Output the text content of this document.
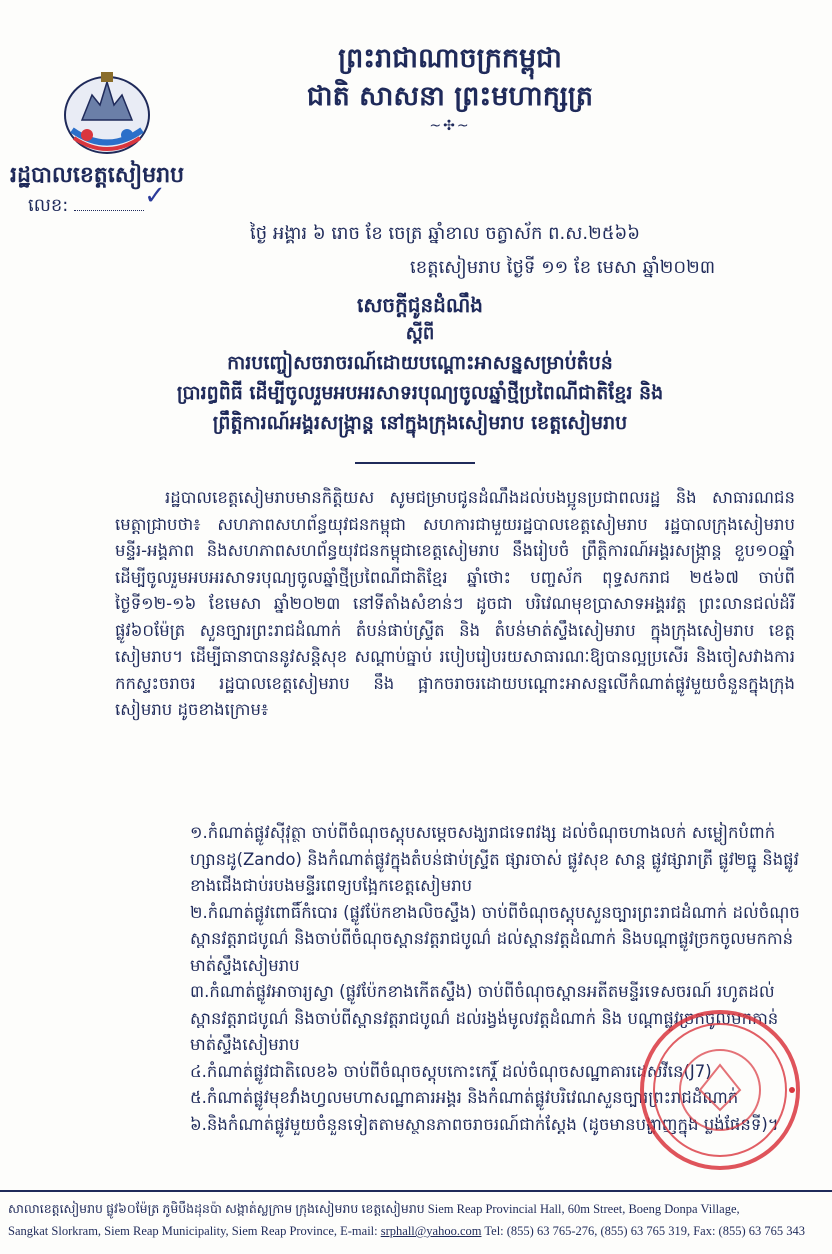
ព្រះរាជាណាចក្រកម្ពុជា
ជាតិ សាសនា ព្រះមហាក្សត្រ
~✣~
រដ្ឋបាលខេត្តសៀមរាប
លេខ:	✓
ថ្ងៃ អង្គារ ៦ រោច ខែ ចេត្រ ឆ្នាំខាល ចត្វាស័ក ព.ស.២៥៦៦
ខេត្តសៀមរាប ថ្ងៃទី ១១ ខែ មេសា ឆ្នាំ២០២៣
សេចក្តីជូនដំណឹង
ស្តីពី
ការបញ្ចៀសចរាចរណ៍ដោយបណ្តោះអាសន្នសម្រាប់តំបន់
ប្រារព្ធពិធី ដើម្បីចូលរួមអបអរសាទរបុណ្យចូលឆ្នាំថ្មីប្រពៃណីជាតិខ្មែរ និង
ព្រឹត្តិការណ៍អង្គរសង្រ្កាន្ត នៅក្នុងក្រុងសៀមរាប ខេត្តសៀមរាប

រដ្ឋបាលខេត្តសៀមរាបមានកិត្តិយស សូមជម្រាបជូនដំណឹងដល់បងប្អូនប្រជាពលរដ្ឋ និង សាធារណជន មេត្តាជ្រាបថា៖ សហភាពសហព័ន្ធយុវជនកម្ពុជា សហការជាមួយរដ្ឋបាលខេត្តសៀមរាប រដ្ឋបាលក្រុងសៀមរាប មន្ទីរ-អង្គភាព និងសហភាពសហព័ន្ធយុវជនកម្ពុជាខេត្តសៀមរាប នឹងរៀបចំ ព្រឹត្តិការណ៍អង្គរសង្ក្រាន្ត ខួប១០ឆ្នាំ ដើម្បីចូលរួមអបអរសាទរបុណ្យចូលឆ្នាំថ្មីប្រពៃណីជាតិខ្មែរ ឆ្នាំថោះ បញ្ចស័ក ពុទ្ធសករាជ ២៥៦៧ ចាប់ពីថ្ងៃទី១២-១៦ ខែមេសា ឆ្នាំ២០២៣ នៅទីតាំងសំខាន់ៗ ដូចជា បរិវេណមុខប្រាសាទអង្គរវត្ត ព្រះលានជល់ដំរី ផ្លូវ៦០ម៉ែត្រ សួនច្បារព្រះរាជដំណាក់ តំបន់ផាប់ស្ទ្រីត និង តំបន់មាត់ស្ទឹងសៀមរាប ក្នុងក្រុងសៀមរាប ខេត្តសៀមរាប។ ដើម្បីធានាបាននូវសន្តិសុខ សណ្តាប់ធ្នាប់ របៀបរៀបរយសាធារណៈឱ្យបានល្អប្រសើរ និងចៀសវាងការកកស្ទះចរាចរ រដ្ឋបាលខេត្តសៀមរាប នឹង ផ្អាកចរាចរដោយបណ្តោះអាសន្នលើកំណាត់ផ្លូវមួយចំនួនក្នុងក្រុងសៀមរាប ដូចខាងក្រោម៖

១.កំណាត់ផ្លូវស៊ីវុត្ថា ចាប់ពីចំណុចស្តុបសម្តេចសង្ឃរាជទេពវង្ស ដល់ចំណុចហាងលក់ សម្លៀកបំពាក់ហ្សានដូ(Zando) និងកំណាត់ផ្លូវក្នុងតំបន់ផាប់ស្ទ្រីត ផ្សារចាស់ ផ្លូវសុខ សាន្ត ផ្លូវផ្សារាត្រី ផ្លូវ២ធ្នូ និងផ្លូវខាងជើងជាប់របងមន្ទីរពេទ្យបង្អែកខេត្តសៀមរាប

២.កំណាត់ផ្លូវពោធិ៍កំបោរ (ផ្លូវប៉ែកខាងលិចស្ទឹង) ចាប់ពីចំណុចស្តុបសួនច្បារព្រះរាជដំណាក់ ដល់ចំណុចស្ពានវត្តរាជបូណ៌ និងចាប់ពីចំណុចស្ពានវត្តរាជបូណ៌ ដល់ស្ពានវត្តដំណាក់ និងបណ្តាផ្លូវច្រកចូលមកកាន់មាត់ស្ទឹងសៀមរាប

៣.កំណាត់ផ្លូវអាចារ្យស្វា (ផ្លូវប៉ែកខាងកើតស្ទឹង) ចាប់ពីចំណុចស្ពានអតីតមន្ទីរទេសចរណ៍ រហូតដល់ស្ពានវត្តរាជបូណ៌ និងចាប់ពីស្ពានវត្តរាជបូណ៌ ដល់រង្វង់មូលវត្តដំណាក់ និង បណ្តាផ្លូវច្រកចូលមកកាន់មាត់ស្ទឹងសៀមរាប

៤.កំណាត់ផ្លូវជាតិលេខ៦ ចាប់ពីចំណុចស្តុបកោះកេរ្តិ៍ ដល់ចំណុចសណ្ឋាគារដេសវីនេ(J7)

៥.កំណាត់ផ្លូវមុខវាំងហ្វលមហាសណ្ឋាគារអង្គរ និងកំណាត់ផ្លូវបរិវេណសួនច្បារព្រះរាជដំណាក់

៦.និងកំណាត់ផ្លូវមួយចំនួនទៀតតាមស្ថានភាពចរាចរណ៍ជាក់ស្តែង (ដូចមានបង្ហាញក្នុង ប្លង់ផែនទី)។

សាលាខេត្តសៀមរាប ផ្លូវ៦០ម៉ែត្រ ភូមិបឹងដុនប៉ា សង្កាត់ស្លក្រាម ក្រុងសៀមរាប ខេត្តសៀមរាប Siem Reap Provincial Hall, 60m Street, Boeng Donpa Village,
Sangkat Slorkram, Siem Reap Municipality, Siem Reap Province, E-mail: srphall@yahoo.com Tel: (855) 63 765-276, (855) 63 765 319, Fax: (855) 63 765 343
